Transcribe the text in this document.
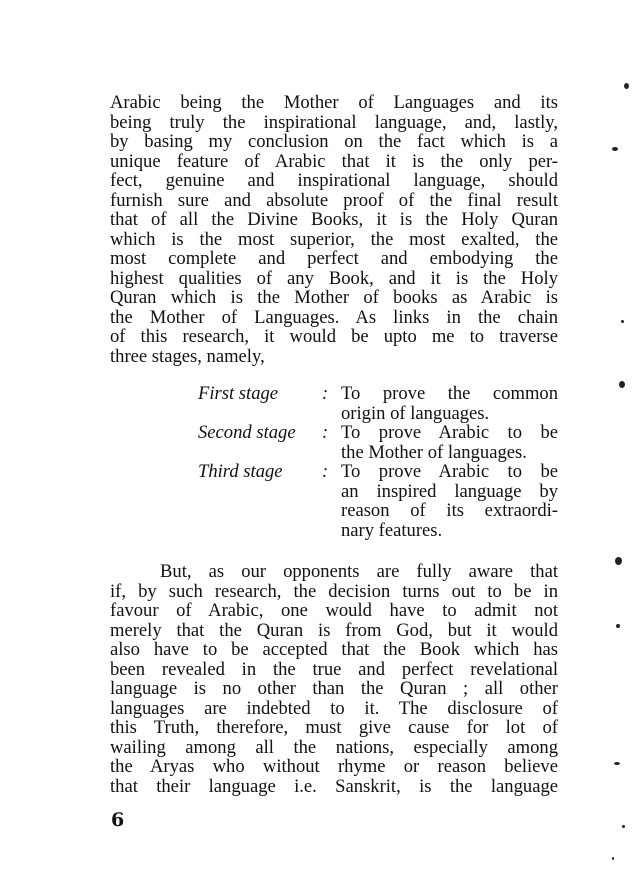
Arabic being the Mother of Languages and its
being truly the inspirational language, and, lastly,
by basing my conclusion on the fact which is a
unique feature of Arabic that it is the only per-
fect, genuine and inspirational language, should
furnish sure and absolute proof of the final result
that of all the Divine Books, it is the Holy Quran
which is the most superior, the most exalted, the
most complete and perfect and embodying the
highest qualities of any Book, and it is the Holy
Quran which is the Mother of books as Arabic is
the Mother of Languages. As links in the chain
of this research, it would be upto me to traverse
three stages, namely,
First stage : To prove the common
origin of languages.
Second stage : To prove Arabic to be
the Mother of languages.
Third stage : To prove Arabic to be
an inspired language by
reason of its extraordi-
nary features.
But, as our opponents are fully aware that
if, by such research, the decision turns out to be in
favour of Arabic, one would have to admit not
merely that the Quran is from God, but it would
also have to be accepted that the Book which has
been revealed in the true and perfect revelational
language is no other than the Quran ; all other
languages are indebted to it. The disclosure of
this Truth, therefore, must give cause for lot of
wailing among all the nations, especially among
the Aryas who without rhyme or reason believe
that their language i.e. Sanskrit, is the language
6
